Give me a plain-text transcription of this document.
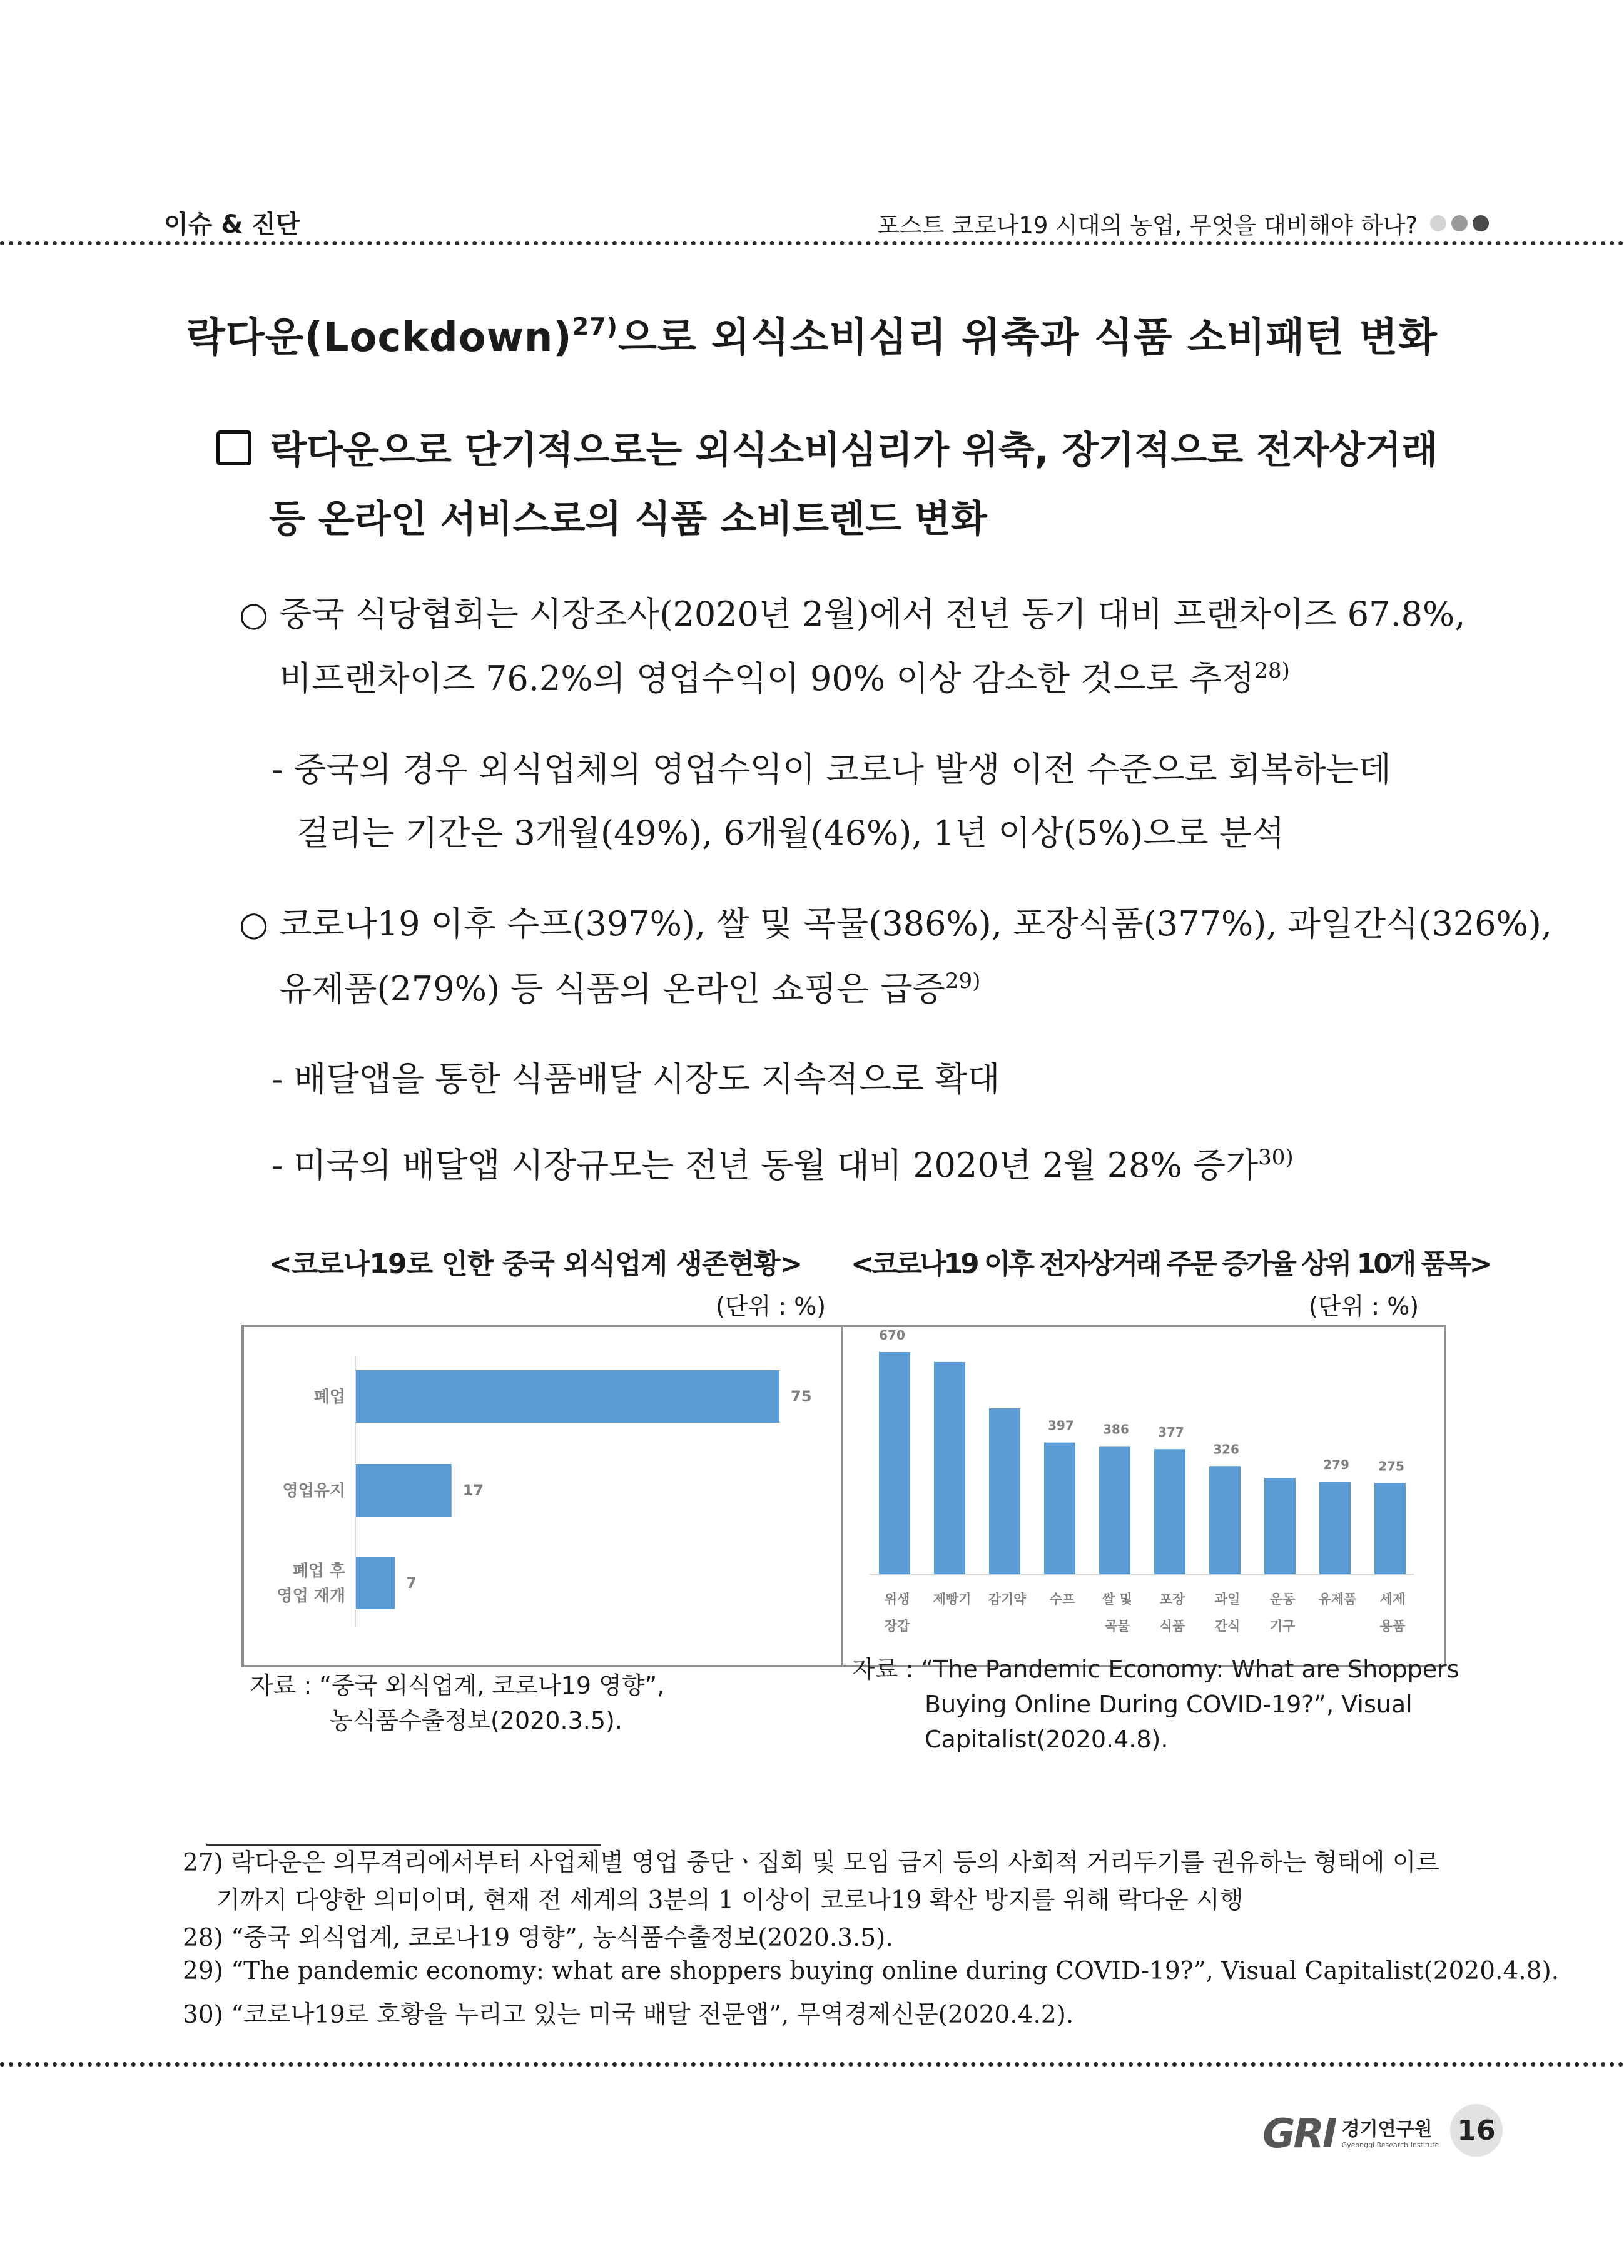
이슈 & 진단	포스트 코로나19 시대의 농업, 무엇을 대비해야 하나?
락다운(Lockdown)$^{27)}$으로 외식소비심리 위축과 식품 소비패턴 변화
락다운으로 단기적으로는 외식소비심리가 위축, 장기적으로 전자상거래
등 온라인 서비스로의 식품 소비트렌드 변화
○ 중국 식당협회는 시장조사(2020년 2월)에서 전년 동기 대비 프랜차이즈 67.8%,
비프랜차이즈 76.2%의 영업수익이 90% 이상 감소한 것으로 추정$^{28)}$
- 중국의 경우 외식업체의 영업수익이 코로나 발생 이전 수준으로 회복하는데
걸리는 기간은 3개월(49%), 6개월(46%), 1년 이상(5%)으로 분석
○ 코로나19 이후 수프(397%), 쌀 및 곡물(386%), 포장식품(377%), 과일간식(326%),
유제품(279%) 등 식품의 온라인 쇼핑은 급증$^{29)}$
- 배달앱을 통한 식품배달 시장도 지속적으로 확대
- 미국의 배달앱 시장규모는 전년 동월 대비 2020년 2월 28% 증가$^{30)}$
<코로나19로 인한 중국 외식업계 생존현황> <코로나19 이후 전자상거래 주문 증가율 상위 10개 품목>
(단위 : %)	(단위 : %)
75
폐업
17
영업유지
7
폐업 후
영업 재개
670
위생
장갑
제빵기 감기약
397
수프
386
쌀 및
곡물
377
포장
식품
326
과일
간식
운동
기구
279
유제품
275
세제
용품
자료 : “중국 외식업계, 코로나19 영향”,
농식품수출정보(2020.3.5).
자료 : “The Pandemic Economy: What are Shoppers
Buying Online During COVID-19?”, Visual
Capitalist(2020.4.8).
27) 락다운은 의무격리에서부터 사업체별 영업 중단ㆍ집회 및 모임 금지 등의 사회적 거리두기를 권유하는 형태에 이르
기까지 다양한 의미이며, 현재 전 세계의 3분의 1 이상이 코로나19 확산 방지를 위해 락다운 시행
28) “중국 외식업계, 코로나19 영향”, 농식품수출정보(2020.3.5).
29) “The pandemic economy: what are shoppers buying online during COVID-19?”, Visual Capitalist(2020.4.8).
30) “코로나19로 호황을 누리고 있는 미국 배달 전문앱”, 무역경제신문(2020.4.2).
GRI 경기연구원
Gyeonggi Research Institute 16
